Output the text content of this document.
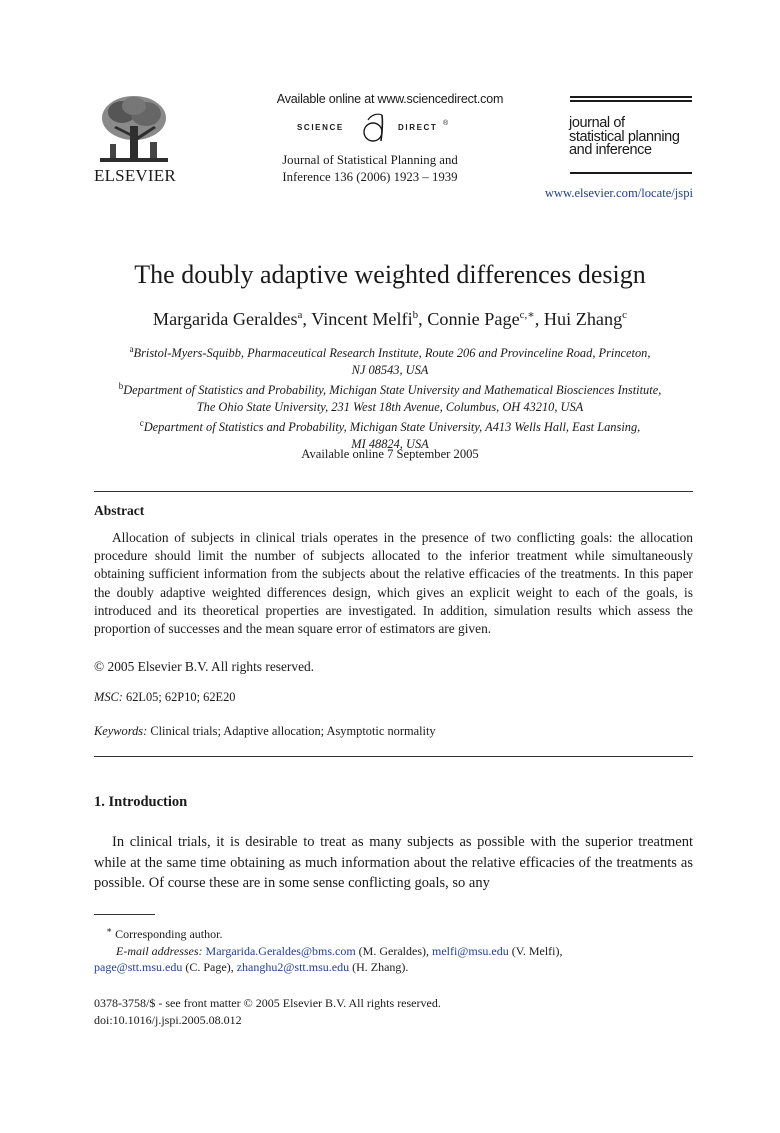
ELSEVIER
Available online at www.sciencedirect.com
SCIENCE	DIRECT ®
Journal of Statistical Planning and
Inference 136 (2006) 1923 – 1939
journal of
statistical planning
and inference
www.elsevier.com/locate/jspi
The doubly adaptive weighted differences design
Margarida Geraldes$^a$, Vincent Melfi$^b$, Connie Page$^{c,∗}$, Hui Zhang$^c$
$^a$Bristol-Myers-Squibb, Pharmaceutical Research Institute, Route 206 and Provinceline Road, Princeton,
NJ 08543, USA
$^b$Department of Statistics and Probability, Michigan State University and Mathematical Biosciences Institute,
The Ohio State University, 231 West 18th Avenue, Columbus, OH 43210, USA
$^c$Department of Statistics and Probability, Michigan State University, A413 Wells Hall, East Lansing,
MI 48824, USA
Available online 7 September 2005
Abstract
Allocation of subjects in clinical trials operates in the presence of two conflicting goals: the allocation procedure should limit the number of subjects allocated to the inferior treatment while simultaneously obtaining sufficient information from the subjects about the relative efficacies of the treatments. In this paper the doubly adaptive weighted differences design, which gives an explicit weight to each of the goals, is introduced and its theoretical properties are investigated. In addition, simulation results which assess the proportion of successes and the mean square error of estimators are given.
© 2005 Elsevier B.V. All rights reserved.
MSC: 62L05; 62P10; 62E20
Keywords: Clinical trials; Adaptive allocation; Asymptotic normality
1. Introduction
In clinical trials, it is desirable to treat as many subjects as possible with the superior treatment while at the same time obtaining as much information about the relative efficacies of the treatments as possible. Of course these are in some sense conflicting goals, so any
∗ Corresponding author.
E-mail addresses: Margarida.Geraldes@bms.com (M. Geraldes), melfi@msu.edu (V. Melfi),
page@stt.msu.edu (C. Page), zhanghu2@stt.msu.edu (H. Zhang).
0378-3758/$ - see front matter © 2005 Elsevier B.V. All rights reserved.
doi:10.1016/j.jspi.2005.08.012
